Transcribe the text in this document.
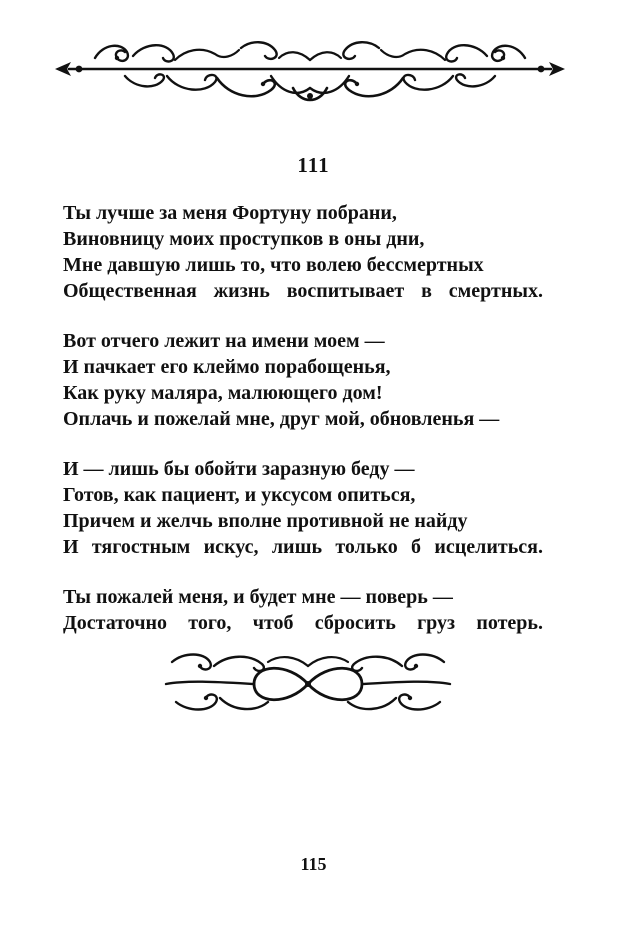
111
Ты лучше за меня Фортуну побрани,
Виновницу моих проступков в оны дни,
Мне давшую лишь то, что волею бессмертных
Общественная жизнь воспитывает в смертных.
Вот отчего лежит на имени моем —
И пачкает его клеймо порабощенья,
Как руку маляра, малюющего дом!
Оплачь и пожелай мне, друг мой, обновленья —
И — лишь бы обойти заразную беду —
Готов, как пациент, и уксусом опиться,
Причем и желчь вполне противной не найду
И тягостным искус, лишь только б исцелиться.
Ты пожалей меня, и будет мне — поверь —
Достаточно того, чтоб сбросить груз потерь.
115
